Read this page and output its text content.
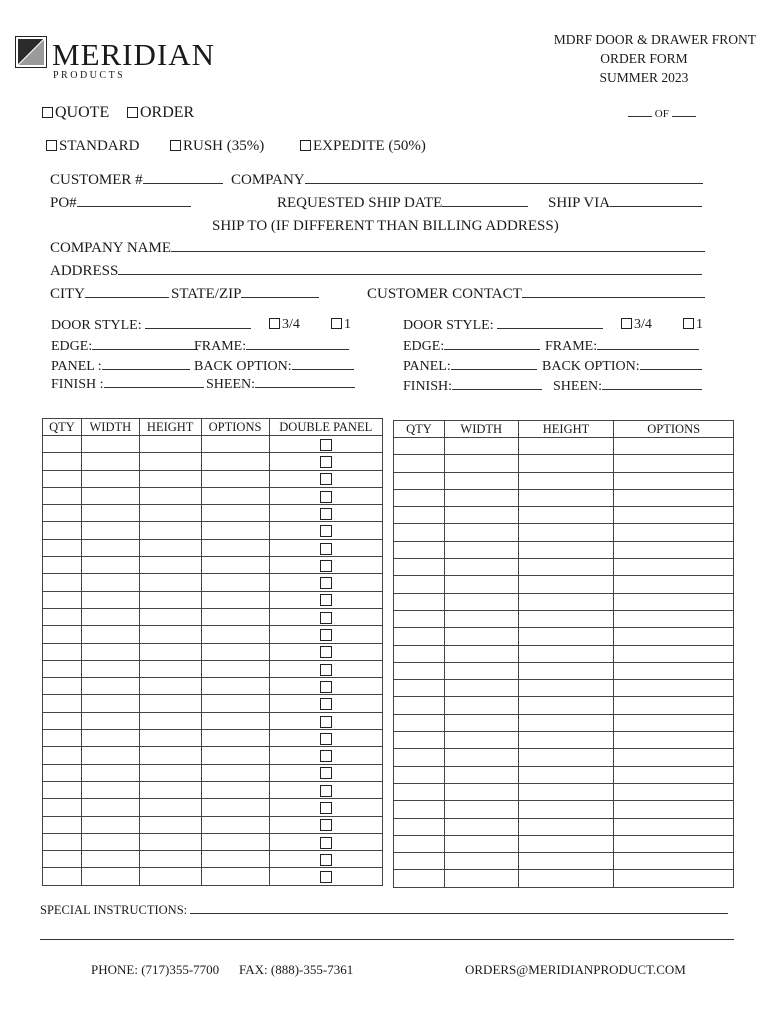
MERIDIAN
PRODUCTS
MDRF DOOR & DRAWER FRONT
ORDER FORM
SUMMER 2023
OF
QUOTE	ORDER
STANDARD	RUSH (35%)	EXPEDITE (50%)
CUSTOMER #	COMPANY
PO#	REQUESTED SHIP DATE	SHIP VIA
SHIP TO (IF DIFFERENT THAN BILLING ADDRESS)
COMPANY NAME
ADDRESS
CITY	STATE/ZIP	CUSTOMER CONTACT
DOOR STYLE:	3/4	1
EDGE:	FRAME:
PANEL :	BACK OPTION:
FINISH :	SHEEN:
DOOR STYLE:	3/4	1
EDGE:	FRAME:
PANEL:	BACK OPTION:
FINISH:	SHEEN:
QTY	WIDTH	HEIGHT	OPTIONS	DOUBLE PANEL

					QTY	WIDTH	HEIGHT	OPTIONS

SPECIAL INSTRUCTIONS:
PHONE: (717)355-7700 FAX: (888)-355-7361	ORDERS@MERIDIANPRODUCT.COM
